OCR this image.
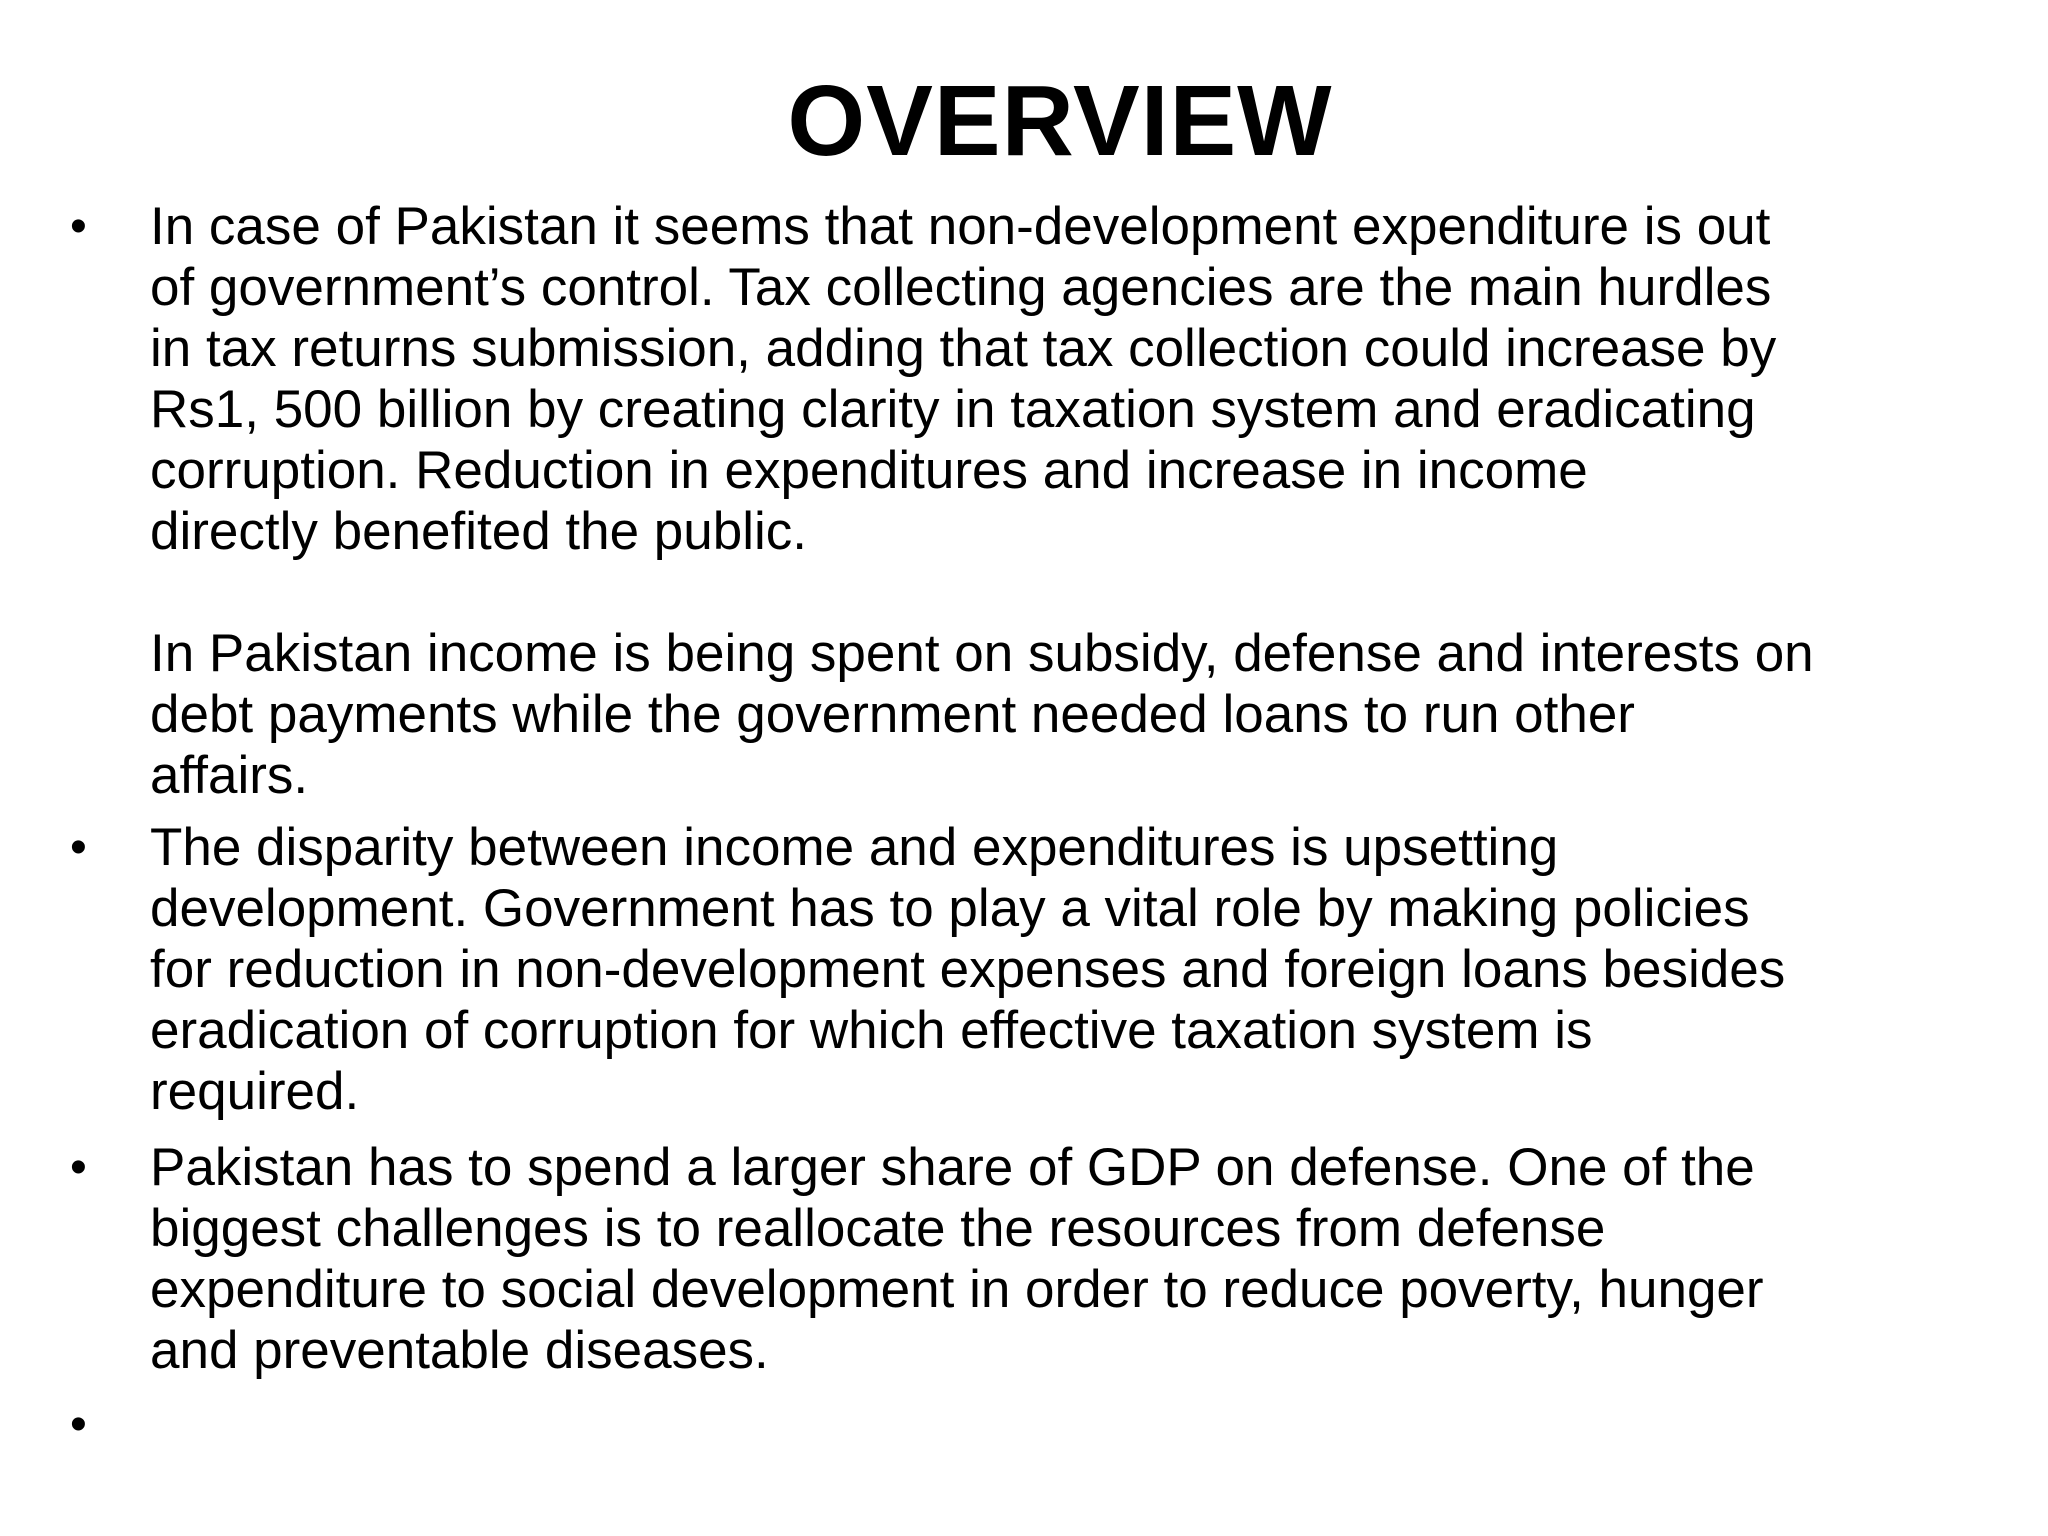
OVERVIEW
•	In case of Pakistan it seems that non-development expenditure is out
of government’s control. Tax collecting agencies are the main hurdles
in tax returns submission, adding that tax collection could increase by
Rs1, 500 billion by creating clarity in taxation system and eradicating
corruption. Reduction in expenditures and increase in income
directly benefited the public.
In Pakistan income is being spent on subsidy, defense and interests on
debt payments while the government needed loans to run other
affairs.
•	The disparity between income and expenditures is upsetting
development. Government has to play a vital role by making policies
for reduction in non-development expenses and foreign loans besides
eradication of corruption for which effective taxation system is
required.
•	Pakistan has to spend a larger share of GDP on defense. One of the
biggest challenges is to reallocate the resources from defense
expenditure to social development in order to reduce poverty, hunger
and preventable diseases.
•
